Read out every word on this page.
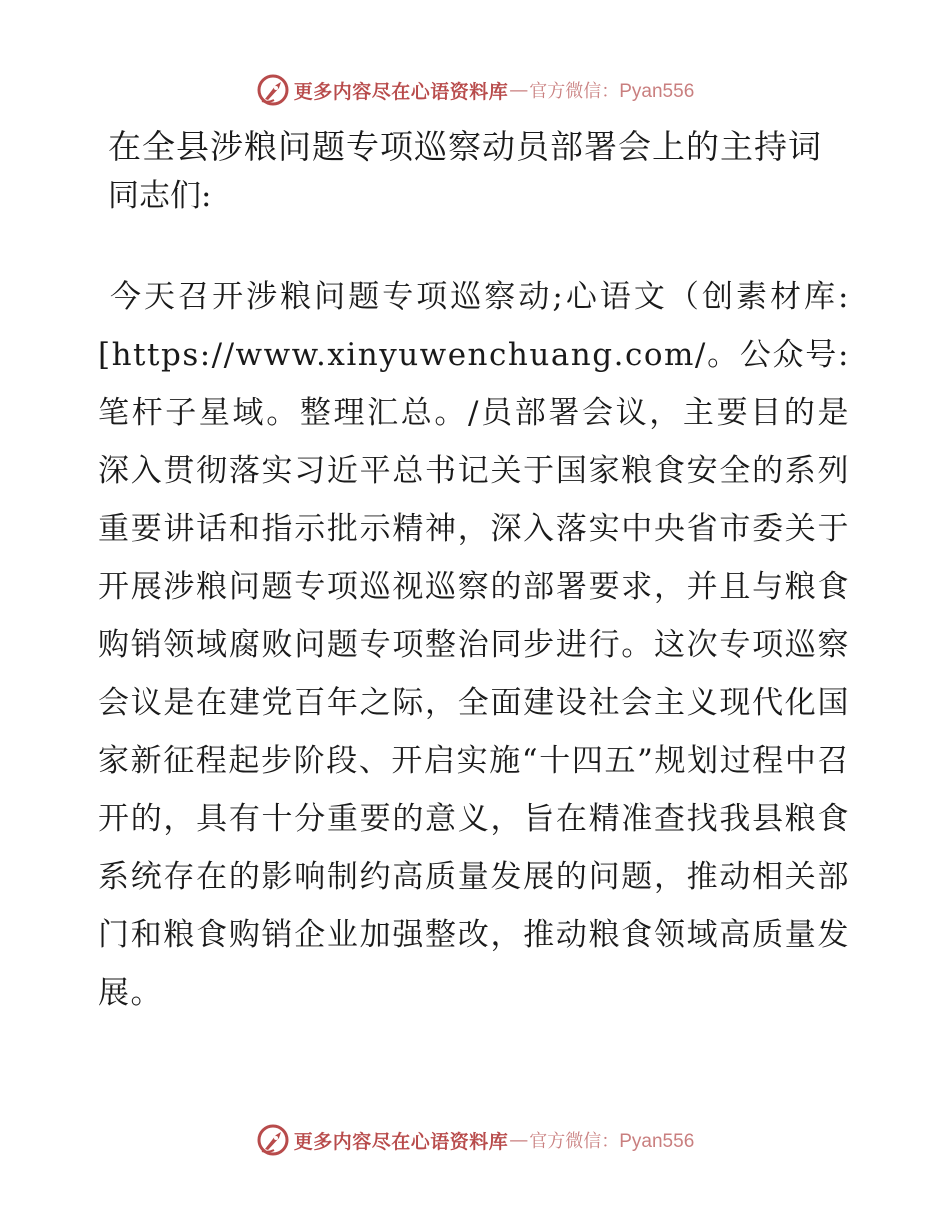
更多内容尽在心语资料库 — 官方微信：Pyan556
在全县涉粮问题专项巡察动员部署会上的主持词
同志们:
今天召开涉粮问题专项巡察动;心语文（创素材库: [https://www.xinyuwenchuang.com/。公众号: 笔杆子星域。整理汇总。/员部署会议，主要目的是深入贯彻落实习近平总书记关于国家粮食安全的系列重要讲话和指示批示精神，深入落实中央省市委关于开展涉粮问题专项巡视巡察的部署要求，并且与粮食购销领域腐败问题专项整治同步进行。这次专项巡察会议是在建党百年之际，全面建设社会主义现代化国家新征程起步阶段、开启实施“十四五”规划过程中召开的，具有十分重要的意义，旨在精准查找我县粮食系统存在的影响制约高质量发展的问题，推动相关部门和粮食购销企业加强整改，推动粮食领域高质量发展。
更多内容尽在心语资料库 — 官方微信：Pyan556
